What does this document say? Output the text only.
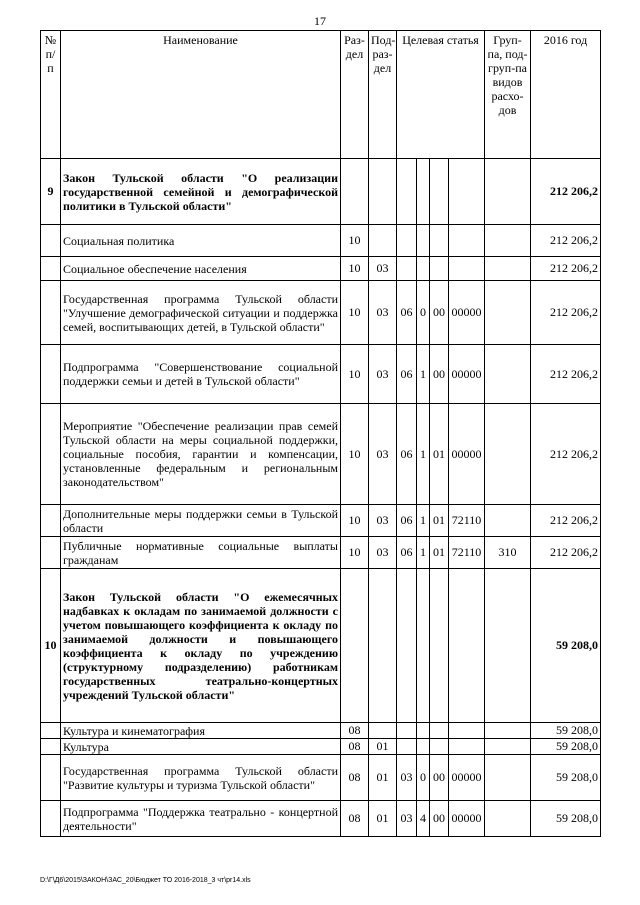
17
№ п/п	Наименование	Раз-дел	Под-раз-дел	Целевая статья				Груп-па, под-груп-па видов расхо-дов	2016 год
9	Закон Тульской области "О реализации государственной семейной и демографической политики в Тульской области"								212 206,2
	Социальная политика	10							212 206,2
	Социальное обеспечение населения	10	03						212 206,2
	Государственная программа Тульской области "Улучшение демографической ситуации и поддержка семей, воспитывающих детей, в Тульской области"	10	03	06	0	00	00000		212 206,2
	Подпрограмма "Совершенствование социальной поддержки семьи и детей в Тульской области"	10	03	06	1	00	00000		212 206,2
	Мероприятие "Обеспечение реализации прав семей Тульской области на меры социальной поддержки, социальные пособия, гарантии и компенсации, установленные федеральным и региональным законодательством"	10	03	06	1	01	00000		212 206,2
	Дополнительные меры поддержки семьи в Тульской области	10	03	06	1	01	72110		212 206,2
	Публичные нормативные социальные выплаты гражданам	10	03	06	1	01	72110	310	212 206,2
10	Закон Тульской области "О ежемесячных надбавках к окладам по занимаемой должности с учетом повышающего коэффициента к окладу по занимаемой должности и повышающего коэффициента к окладу по учреждению (структурному подразделению) работникам государственных театрально-концертных учреждений Тульской области"								59 208,0
	Культура и кинематография	08							59 208,0
	Культура	08	01						59 208,0
	Государственная программа Тульской области "Развитие культуры и туризма Тульской области"	08	01	03	0	00	00000		59 208,0
	Подпрограмма "Поддержка театрально - концертной деятельности"	08	01	03	4	00	00000		59 208,0
D:\Г\Д6\2015\ЗАКОН\ЗАС_20\Бюджет ТО 2016-2018_3 чт\pr14.xls
